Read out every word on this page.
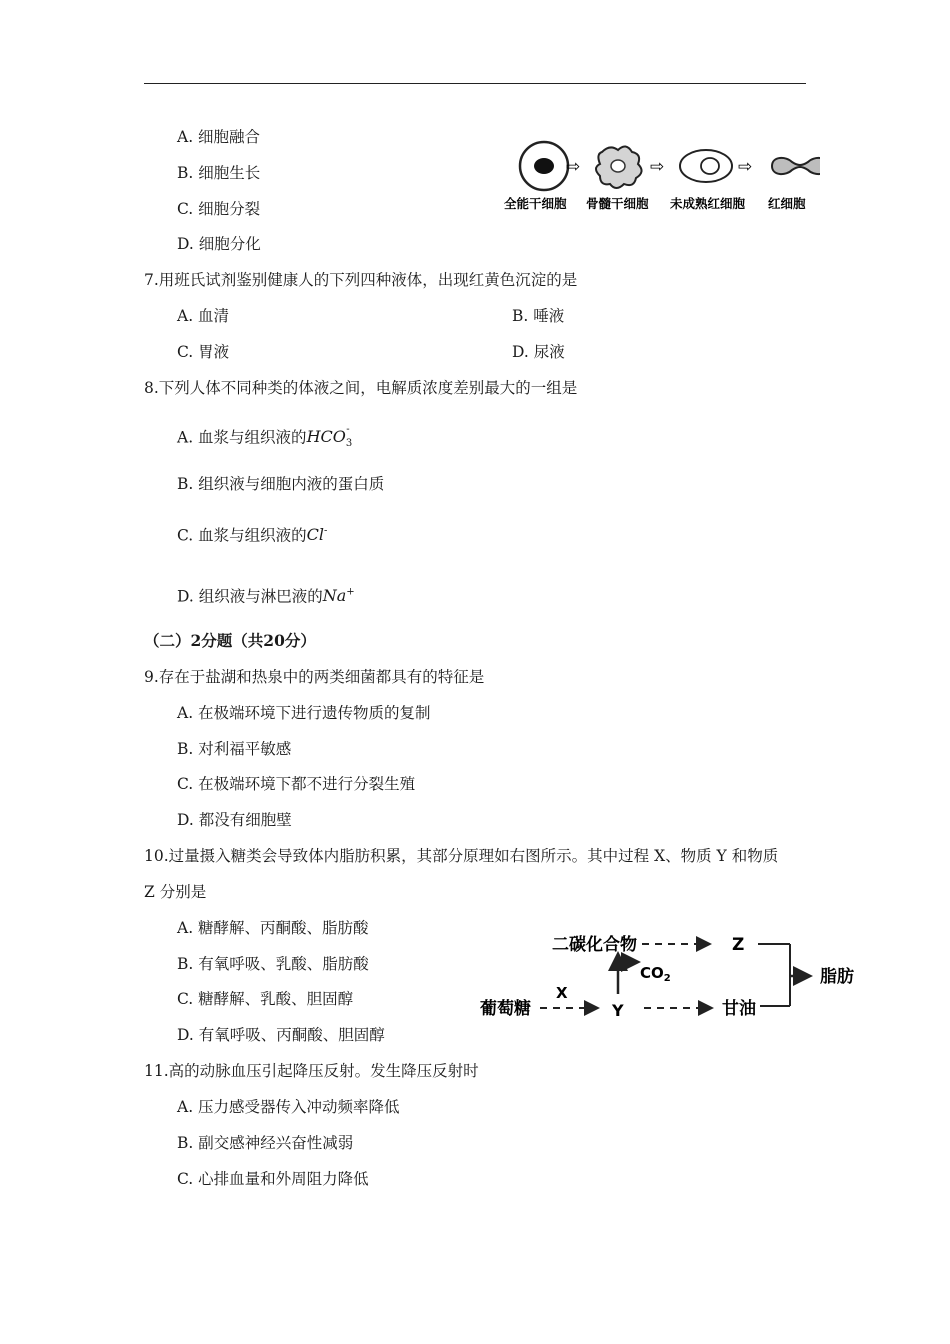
A. 细胞融合
B. 细胞生长
C. 细胞分裂
D. 细胞分化
⇨	⇨	⇨
全能干细胞 骨髓干细胞 未成熟红细胞 红细胞
7.用班氏试剂鉴别健康人的下列四种液体，出现红黄色沉淀的是
A. 血清	B. 唾液
C. 胃液	D. 尿液
8.下列人体不同种类的体液之间，电解质浓度差别最大的一组是
A. 血浆与组织液的$HCO_3^-$
B. 组织液与细胞内液的蛋白质
C. 血浆与组织液的Cl-
D. 组织液与淋巴液的Na+
（二）2分题（共20分）
9.存在于盐湖和热泉中的两类细菌都具有的特征是
A. 在极端环境下进行遗传物质的复制
B. 对利福平敏感
C. 在极端环境下都不进行分裂生殖
D. 都没有细胞壁
10.过量摄入糖类会导致体内脂肪积累，其部分原理如右图所示。其中过程 X、物质 Y 和物质
Z 分别是
A. 糖酵解、丙酮酸、脂肪酸
B. 有氧呼吸、乳酸、脂肪酸
C. 糖酵解、乳酸、胆固醇
D. 有氧呼吸、丙酮酸、胆固醇
二碳化合物	Z
脂肪
$CO_2$
葡萄糖
X
Y	甘油
11.高的动脉血压引起降压反射。发生降压反射时
A. 压力感受器传入冲动频率降低
B. 副交感神经兴奋性减弱
C. 心排血量和外周阻力降低
